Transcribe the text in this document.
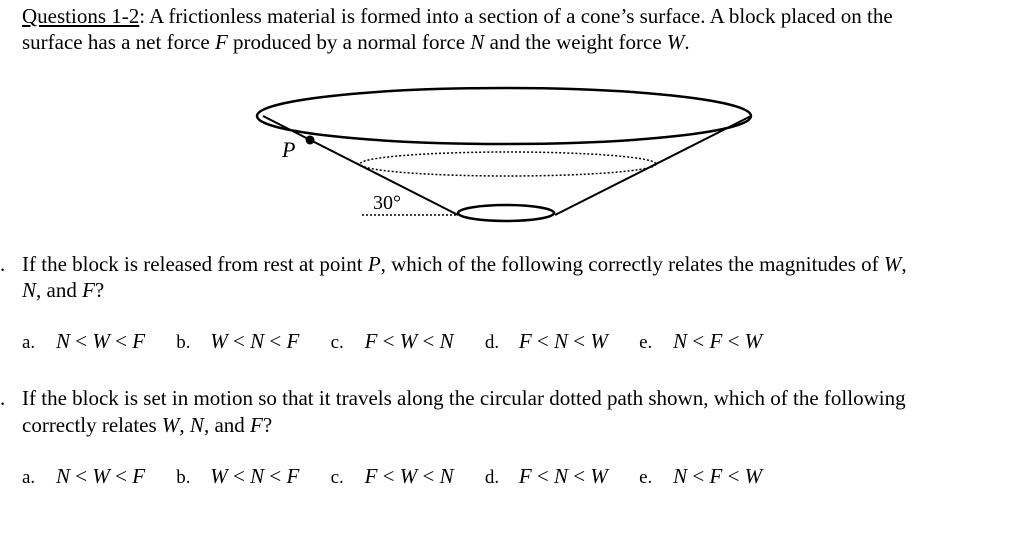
Questions 1-2: A frictionless material is formed into a section of a cone’s surface. A block placed on the
surface has a net force F produced by a normal force N and the weight force W.
P
30°
. If the block is released from rest at point P, which of the following correctly relates the magnitudes of W,
N, and F?
a. N < W < F b. W < N < F c. F < W < N d. F < N < W e. N < F < W
. If the block is set in motion so that it travels along the circular dotted path shown, which of the following
correctly relates W, N, and F?
a. N < W < F b. W < N < F c. F < W < N d. F < N < W e. N < F < W
